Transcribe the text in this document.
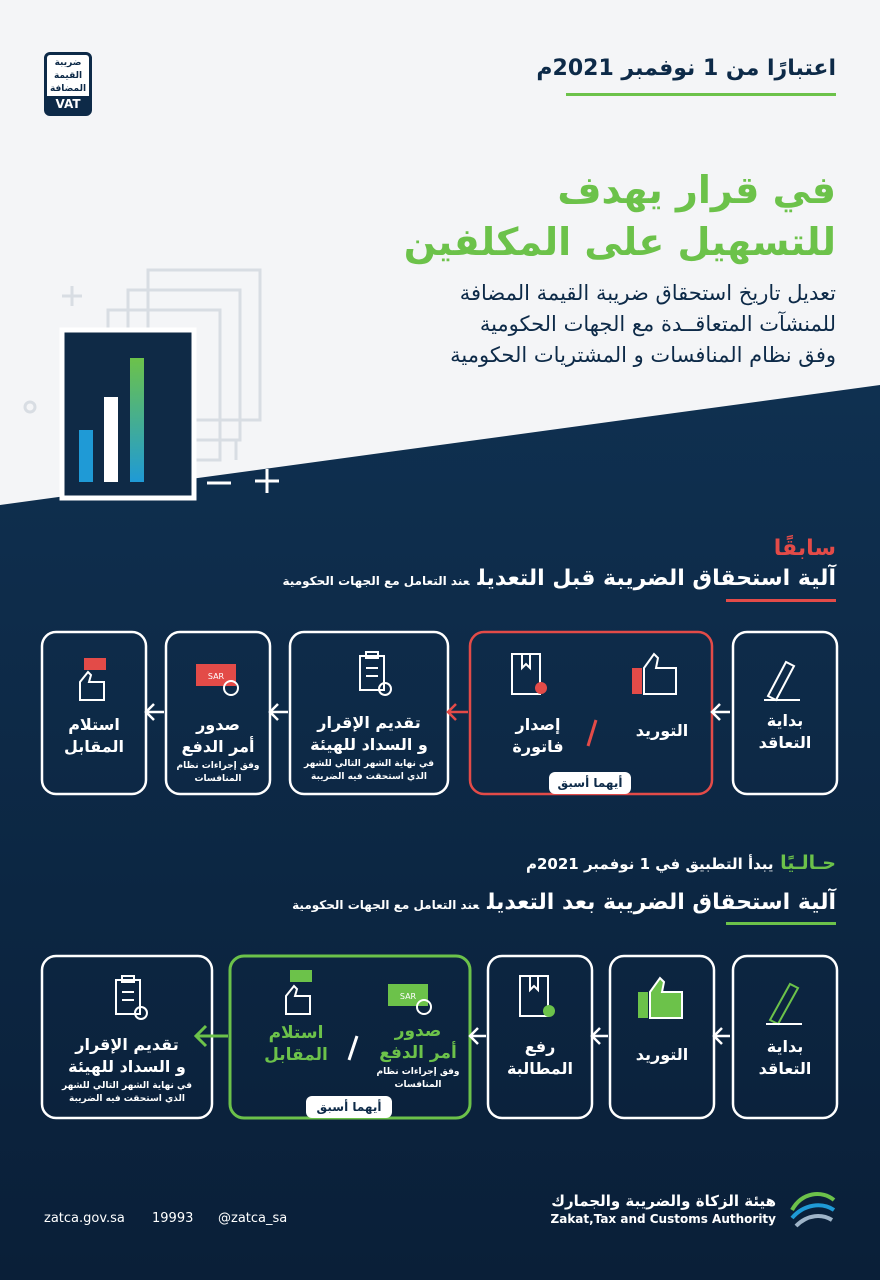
ضريبة
القيمة
المضافة
VAT
اعتبارًا من 1 نوفمبر 2021م
في قرار يهدف
للتسهيل على المكلفين
تعديل تاريخ استحقاق ضريبة القيمة المضافة
للمنشآت المتعاقــدة مع الجهات الحكومية
وفق نظام المنافسات و المشتريات الحكومية
سابقًا
آلية استحقاق الضريبة قبل التعديلعند التعامل مع الجهات الحكومية
SAR
بداية
التعاقد
التوريد
إصدار
فاتورة
أيهما أسبق
تقديم الإقرار
و السداد للهيئة
في نهاية الشهر التالي للشهر
الذي استحقت فيه الضريبة
صدور
أمر الدفع
وفق إجراءات نظام
المنافسات
استلام
المقابل
حـالـيًا يبدأ التطبيق في 1 نوفمبر 2021م
آلية استحقاق الضريبة بعد التعديلعند التعامل مع الجهات الحكومية
SAR
بداية
التعاقد
التوريد
رفع
المطالبة
صدور
أمر الدفع
وفق إجراءات نظام
المنافسات
استلام
المقابل
أيهما أسبق
تقديم الإقرار
و السداد للهيئة
في نهاية الشهر التالي للشهر
الذي استحقت فيه الضريبة
zatca.gov.sa 19993 @zatca_sa
هيئة الزكاة والضريبة والجمارك
Zakat,Tax and Customs Authority
